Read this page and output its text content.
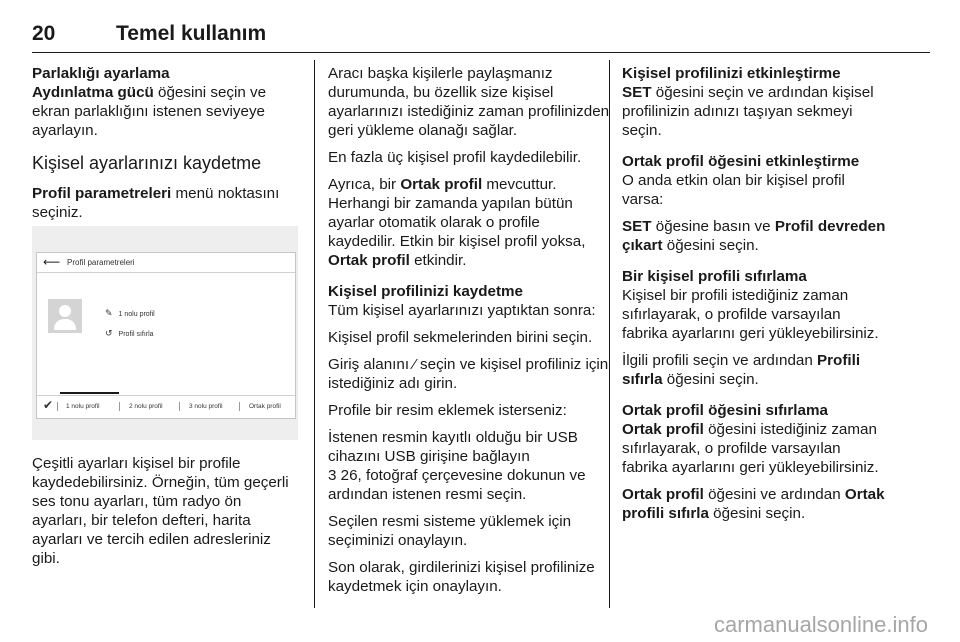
20	Temel kullanım

Parlaklığı ayarlama

Aydınlatma gücü öğesini seçin ve ekran parlaklığını istenen seviyeye ayarlayın.

Kişisel ayarlarınızı kaydetme

Profil parametreleri menü noktasını seçiniz.

⟵ Profil parametreleri
✎ 1 nolu profil
↺ Profil sıfırla
✔ 1 nolu profil	2 nolu profil	3 nolu profil	Ortak profil

Çeşitli ayarları kişisel bir profile kaydedebilirsiniz. Örneğin, tüm geçerli ses tonu ayarları, tüm radyo ön ayarları, bir telefon defteri, harita ayarları ve tercih edilen adresleriniz gibi.

Aracı başka kişilerle paylaşmanız durumunda, bu özellik size kişisel ayarlarınızı istediğiniz zaman profilinizden geri yükleme olanağı sağlar.

En fazla üç kişisel profil kaydedilebilir.

Ayrıca, bir Ortak profil mevcuttur. Herhangi bir zamanda yapılan bütün ayarlar otomatik olarak o profile kaydedilir. Etkin bir kişisel profil yoksa, Ortak profil etkindir.

Kişisel profilinizi kaydetme

Tüm kişisel ayarlarınızı yaptıktan sonra:

Kişisel profil sekmelerinden birini seçin.

Giriş alanını ⁄ seçin ve kişisel profiliniz için istediğiniz adı girin.

Profile bir resim eklemek isterseniz:

İstenen resmin kayıtlı olduğu bir USB cihazını USB girişine bağlayın
3 26, fotoğraf çerçevesine dokunun ve ardından istenen resmi seçin.

Seçilen resmi sisteme yüklemek için seçiminizi onaylayın.

Son olarak, girdilerinizi kişisel profilinize kaydetmek için onaylayın.

Kişisel profilinizi etkinleştirme

SET öğesini seçin ve ardından kişisel profilinizin adınızı taşıyan sekmeyi seçin.

Ortak profil öğesini etkinleştirme

O anda etkin olan bir kişisel profil varsa:

SET öğesine basın ve Profil devreden çıkart öğesini seçin.

Bir kişisel profili sıfırlama

Kişisel bir profili istediğiniz zaman sıfırlayarak, o profilde varsayılan fabrika ayarlarını geri yükleyebilirsiniz.

İlgili profili seçin ve ardından Profili sıfırla öğesini seçin.

Ortak profil öğesini sıfırlama

Ortak profil öğesini istediğiniz zaman sıfırlayarak, o profilde varsayılan fabrika ayarlarını geri yükleyebilirsiniz.

Ortak profil öğesini ve ardından Ortak profili sıfırla öğesini seçin.

carmanualsonline.info
